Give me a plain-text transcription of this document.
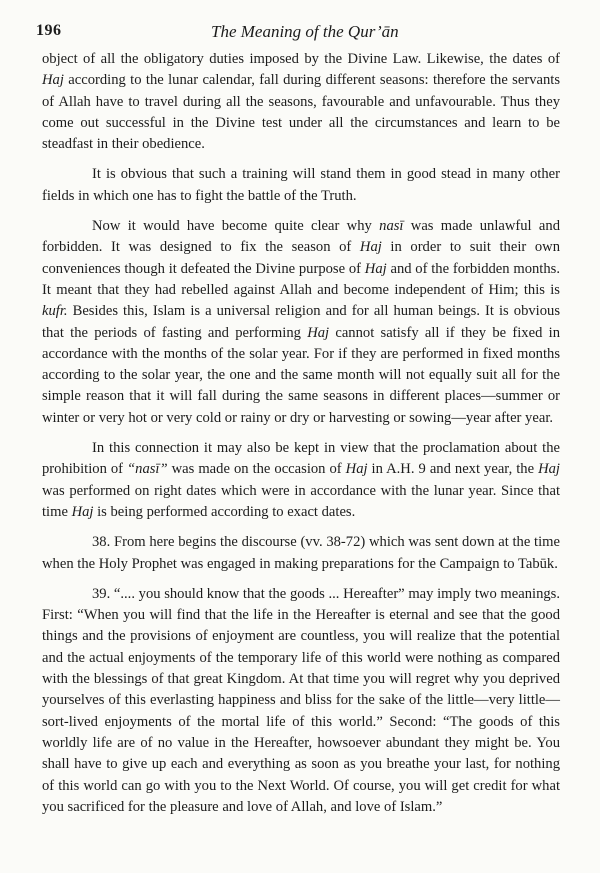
196	The Meaning of the Qur’ān

object of all the obligatory duties imposed by the Divine Law. Likewise, the dates of Haj according to the lunar calendar, fall during different seasons: therefore the servants of Allah have to travel during all the seasons, favourable and unfavourable. Thus they come out successful in the Divine test under all the circumstances and learn to be steadfast in their obedience.

It is obvious that such a training will stand them in good stead in many other fields in which one has to fight the battle of the Truth.

Now it would have become quite clear why nasī was made unlawful and forbidden. It was designed to fix the season of Haj in order to suit their own conveniences though it defeated the Divine purpose of Haj and of the forbidden months. It meant that they had rebelled against Allah and become independent of Him; this is kufr. Besides this, Islam is a universal religion and for all human beings. It is obvious that the periods of fasting and performing Haj cannot satisfy all if they be fixed in accordance with the months of the solar year. For if they are performed in fixed months according to the solar year, the one and the same month will not equally suit all for the simple reason that it will fall during the same seasons in different places—summer or winter or very hot or very cold or rainy or dry or harvesting or sowing—year after year.

In this connection it may also be kept in view that the proclamation about the prohibition of “nasī” was made on the occasion of Haj in A.H. 9 and next year, the Haj was performed on right dates which were in accordance with the lunar year. Since that time Haj is being performed according to exact dates.

38. From here begins the discourse (vv. 38-72) which was sent down at the time when the Holy Prophet was engaged in making preparations for the Campaign to Tabūk.

39. “.... you should know that the goods ... Hereafter” may imply two meanings. First: “When you will find that the life in the Hereafter is eternal and see that the good things and the provisions of enjoyment are countless, you will realize that the potential and the actual enjoyments of the temporary life of this world were nothing as compared with the blessings of that great Kingdom. At that time you will regret why you deprived yourselves of this everlasting happiness and bliss for the sake of the little—very little—sort-lived enjoyments of the mortal life of this world.” Second: “The goods of this worldly life are of no value in the Hereafter, howsoever abundant they might be. You shall have to give up each and everything as soon as you breathe your last, for nothing of this world can go with you to the Next World. Of course, you will get credit for what you sacrificed for the pleasure and love of Allah, and love of Islam.”
